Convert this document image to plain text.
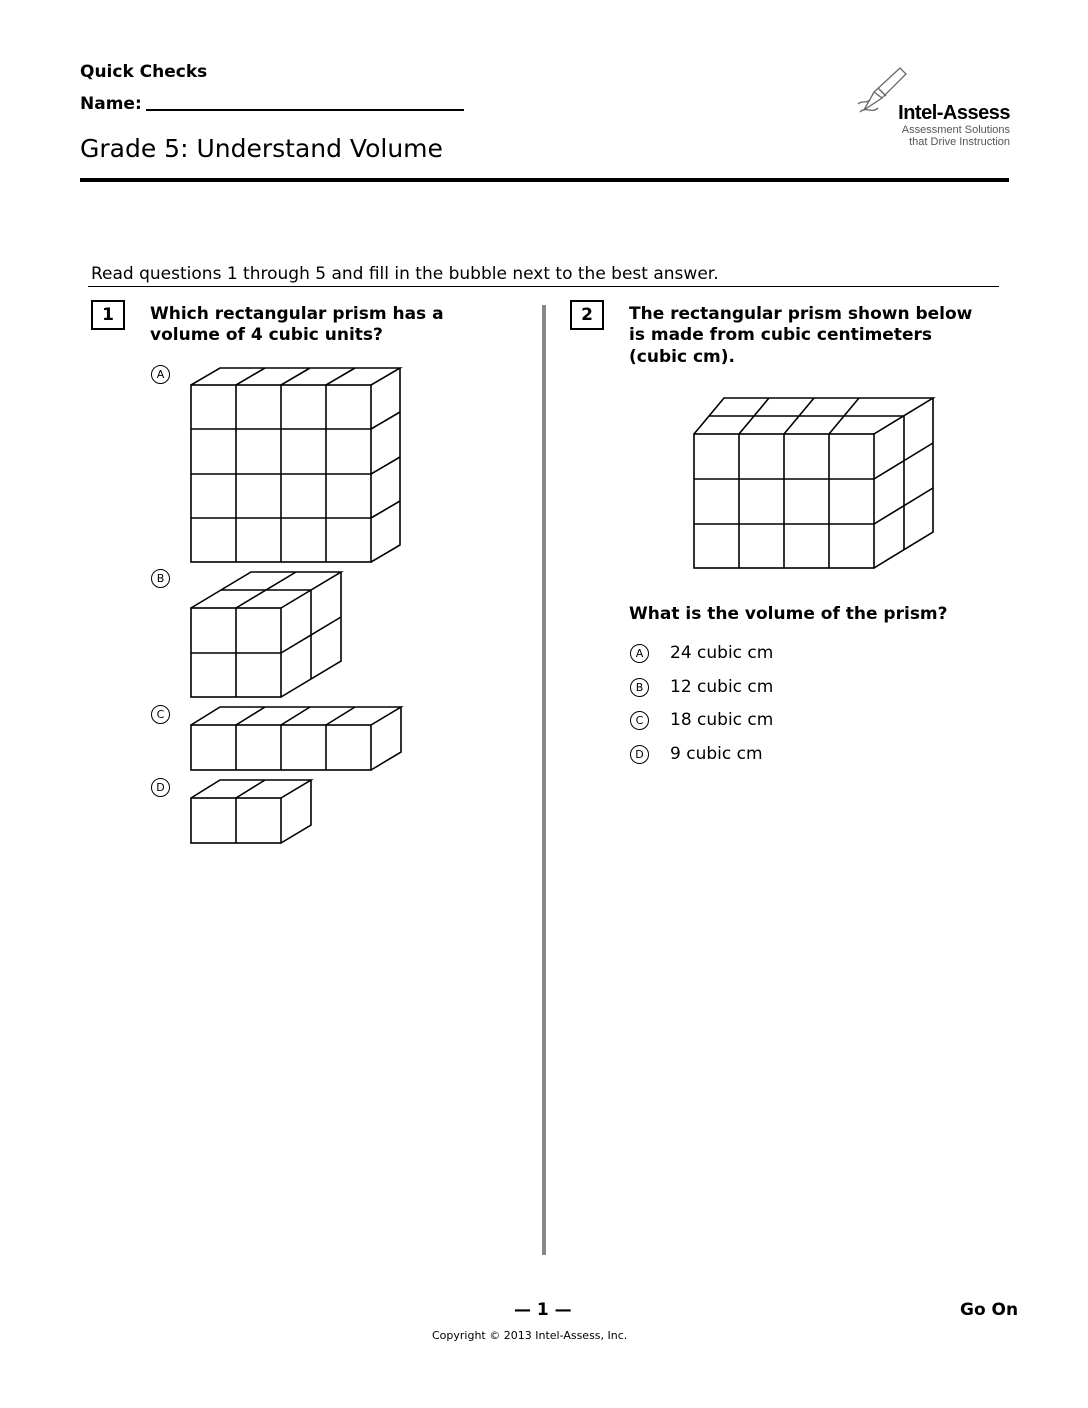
Quick Checks
Name:
Grade 5: Understand Volume
Intel-Assess
Assessment Solutions
that Drive Instruction
Read questions 1 through 5 and fill in the bubble next to the best answer.
1	Which rectangular prism has a
volume of 4 cubic units?
A
B
C
D
2	The rectangular prism shown below
is made from cubic centimeters
(cubic cm).
What is the volume of the prism?
A	24 cubic cm
B	12 cubic cm
C	18 cubic cm
D	9 cubic cm
— 1 —	Go On
Copyright © 2013 Intel-Assess, Inc.
